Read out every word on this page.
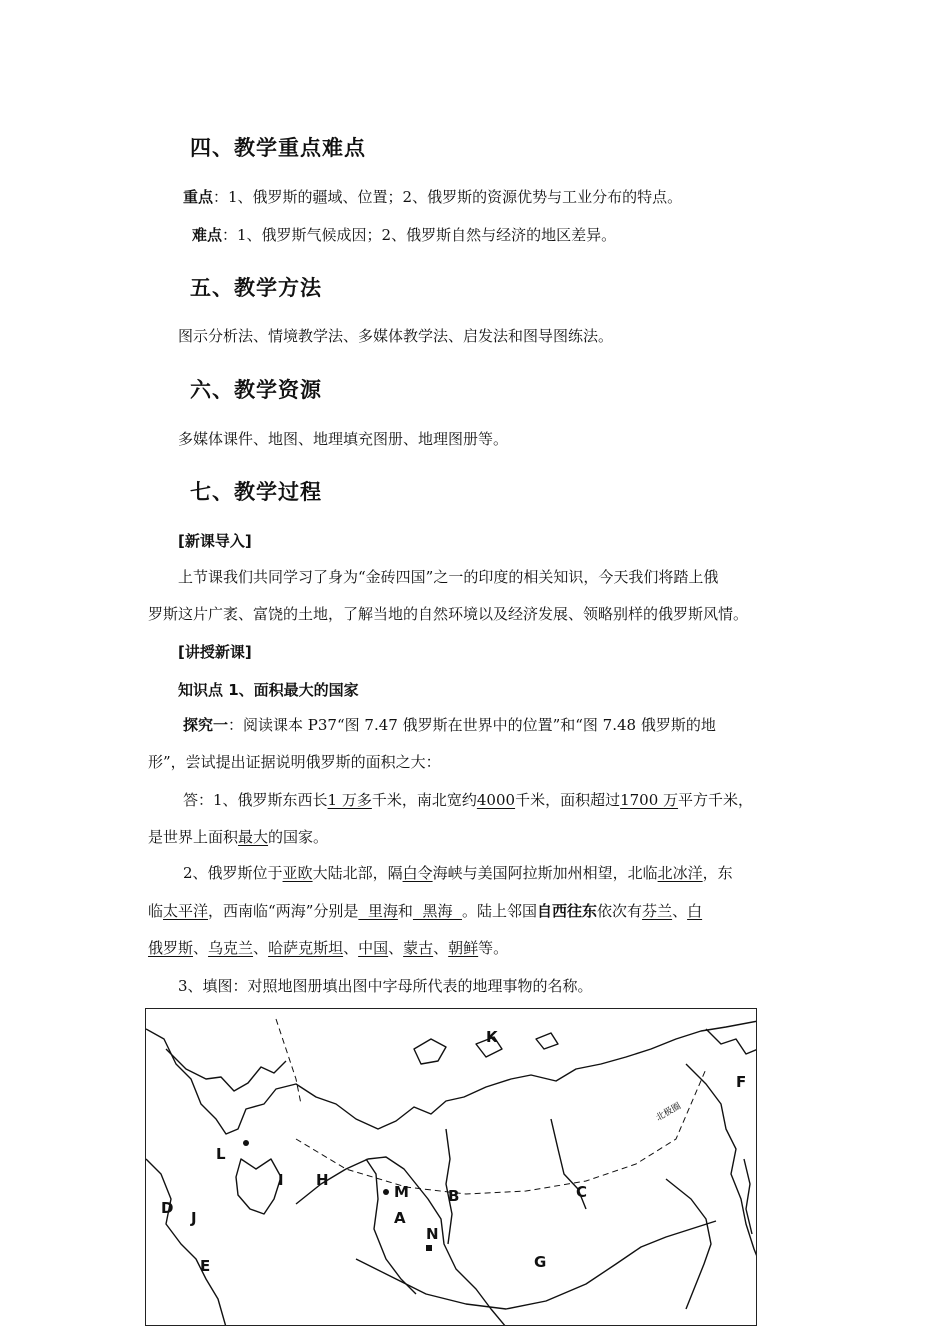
四、教学重点难点
重点：1、俄罗斯的疆域、位置；2、俄罗斯的资源优势与工业分布的特点。
难点：1、俄罗斯气候成因；2、俄罗斯自然与经济的地区差异。
五、教学方法
图示分析法、情境教学法、多媒体教学法、启发法和图导图练法。
六、教学资源
多媒体课件、地图、地理填充图册、地理图册等。
七、教学过程
[新课导入]
上节课我们共同学习了身为“金砖四国”之一的印度的相关知识，今天我们将踏上俄
罗斯这片广袤、富饶的土地，了解当地的自然环境以及经济发展、领略别样的俄罗斯风情。
[讲授新课]
知识点 1、面积最大的国家
探究一：阅读课本 P37“图 7.47 俄罗斯在世界中的位置”和“图 7.48 俄罗斯的地
形”，尝试提出证据说明俄罗斯的面积之大：
答：1、俄罗斯东西长1 万多千米，南北宽约4000千米，面积超过1700 万平方千米，
是世界上面积最大的国家。
2、俄罗斯位于亚欧大陆北部，隔白令海峡与美国阿拉斯加州相望，北临北冰洋，东
临太平洋，西南临“两海”分别是  里海和  黑海  。陆上邻国自西往东依次有芬兰、白
俄罗斯、乌克兰、哈萨克斯坦、中国、蒙古、朝鲜等。
3、填图：对照地图册填出图中字母所代表的地理事物的名称。
北极圈
K
F
L
I H
M	B	C
D
J	A
N
G
E
